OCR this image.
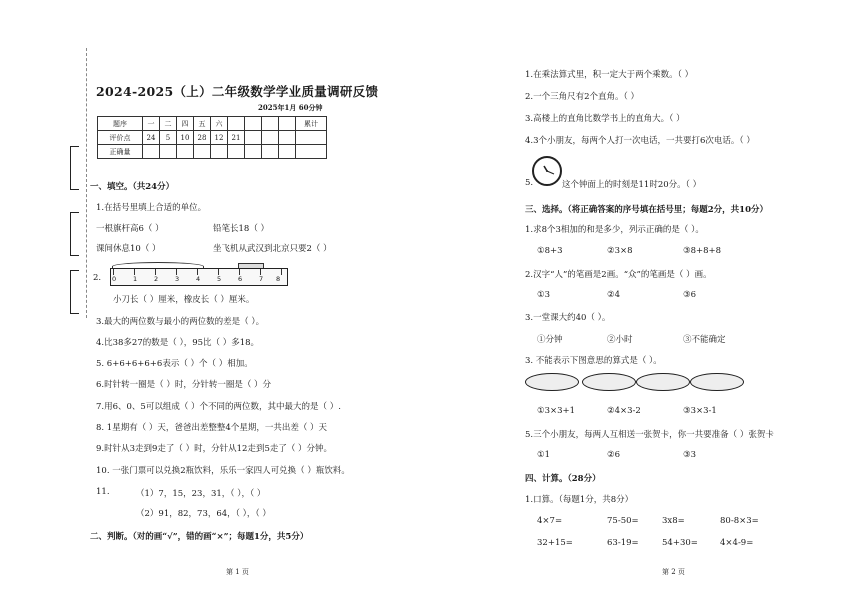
2024-2025（上）二年级数学学业质量调研反馈
2025年1月 60分钟
题序	一	二	四	五	六					累计
评价点	24	5	10	28	12	21				
正确量										
一、填空。（共24分）
1.在括号里填上合适的单位。
一根旗杆高6（ ）	铅笔长18（ ）
课间休息10（ ）	坐飞机从武汉到北京只要2（ ）
2. 0	1	2	3	4	5	6	7 8
小刀长（ ）厘米，橡皮长（ ）厘米。
3.最大的两位数与最小的两位数的差是（ ）。
4.比38多27的数是（ ），95比（ ）多18。
5. 6+6+6+6+6表示（ ）个（ ）相加。
6.时针转一圈是（ ）时，分针转一圈是（ ）分
7.用6、0、5可以组成（ ）个不同的两位数，其中最大的是（ ）.
8. 1星期有（ ）天，爸爸出差整整4个星期，一共出差（ ）天
9.时针从3走到9走了（ ）时，分针从12走到5走了（ ）分钟。
10. 一张门票可以兑换2瓶饮料，乐乐一家四人可兑换（ ）瓶饮料。
11.	（1）7，15，23，31，（ ），（ ）
（2）91，82，73，64，（ ），（ ）
二、判断。（对的画“√”，错的画“×”；每题1分，共5分）
第 1 页
1.在乘法算式里，积一定大于两个乘数。（ ）
2.一个三角尺有2个直角。（ ）
3.高楼上的直角比数学书上的直角大。（ ）
4.3个小朋友，每两个人打一次电话，一共要打6次电话。（ ）
5.	这个钟面上的时刻是11时20分。（ ）
三、选择。（将正确答案的序号填在括号里；每题2分，共10分）
1.求8个3相加的和是多少，列示正确的是（ ）。
①8+3	②3×8	③8+8+8
2.汉字“人”的笔画是2画。“众”的笔画是（ ）画。
①3	②4	③6
3.一堂课大约40（ ）。
①分钟	②小时	③不能确定
3. 不能表示下图意思的算式是（ ）。
①3×3+1	②4×3-2	③3×3-1
5.三个小朋友，每两人互相送一张贺卡，你一共要准备（ ）张贺卡
①1	②6	③3
四、计算。（28分）
1.口算。（每题1分，共8分）
4×7=	75-50=	3x8=	80-8×3=
32+15=	63-19=	54+30=	4×4-9=
第 2 页
